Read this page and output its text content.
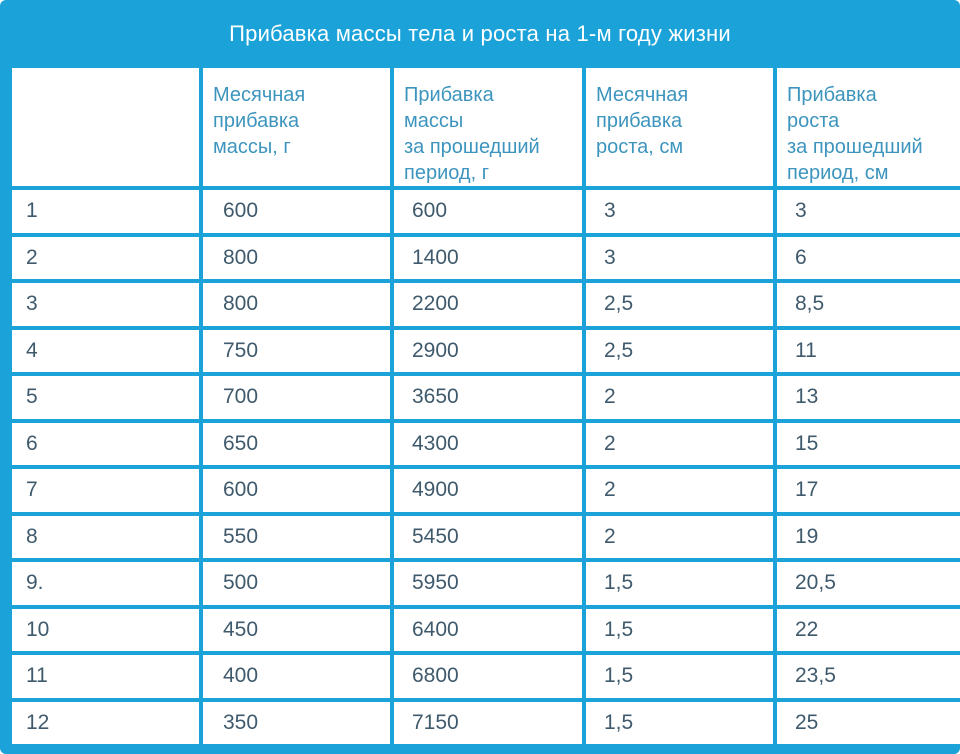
Прибавка массы тела и роста на 1-м году жизни
	Месячная
прибавка
массы, г	Прибавка
массы
за прошедший
период, г	Месячная
прибавка
роста, см	Прибавка
роста
за прошедший
период, см
1	600	600	3	3
2	800	1400	3	6
3	800	2200	2,5	8,5
4	750	2900	2,5	11
5	700	3650	2	13
6	650	4300	2	15
7	600	4900	2	17
8	550	5450	2	19
9.	500	5950	1,5	20,5
10	450	6400	1,5	22
11	400	6800	1,5	23,5
12	350	7150	1,5	25
